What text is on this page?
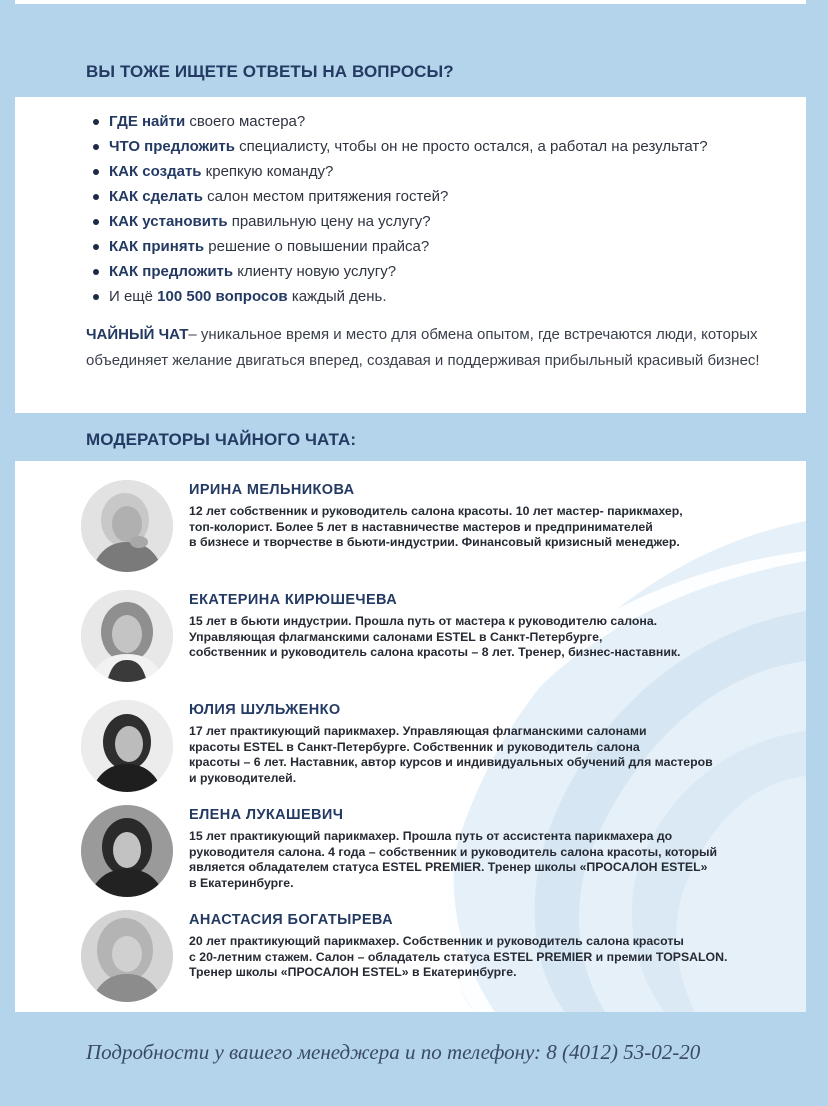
ВЫ ТОЖЕ ИЩЕТЕ ОТВЕТЫ НА ВОПРОСЫ?
ГДЕ найти своего мастера?
ЧТО предложить специалисту, чтобы он не просто остался, а работал на результат?
КАК создать крепкую команду?
КАК сделать салон местом притяжения гостей?
КАК установить правильную цену на услугу?
КАК принять решение о повышении прайса?
КАК предложить клиенту новую услугу?
И ещё 100 500 вопросов каждый день.

ЧАЙНЫЙ ЧАТ– уникальное время и место для обмена опытом, где встречаются люди, которых объединяет желание двигаться вперед, создавая и поддерживая прибыльный красивый бизнес!

МОДЕРАТОРЫ ЧАЙНОГО ЧАТА:
ИРИНА МЕЛЬНИКОВА
12 лет собственник и руководитель салона красоты. 10 лет мастер- парикмахер,
топ-колорист. Более 5 лет в наставничестве мастеров и предпринимателей
в бизнесе и творчестве в бьюти-индустрии. Финансовый кризисный менеджер.
ЕКАТЕРИНА КИРЮШЕЧЕВА
15 лет в бьюти индустрии. Прошла путь от мастера к руководителю салона.
Управляющая флагманскими салонами ESTEL в Санкт-Петербурге,
собственник и руководитель салона красоты – 8 лет. Тренер, бизнес-наставник.
ЮЛИЯ ШУЛЬЖЕНКО
17 лет практикующий парикмахер. Управляющая флагманскими салонами
красоты ESTEL в Санкт-Петербурге. Собственник и руководитель салона
красоты – 6 лет. Наставник, автор курсов и индивидуальных обучений для мастеров
и руководителей.
ЕЛЕНА ЛУКАШЕВИЧ
15 лет практикующий парикмахер. Прошла путь от ассистента парикмахера до
руководителя салона. 4 года – собственник и руководитель салона красоты, который
является обладателем статуса ESTEL PREMIER. Тренер школы «ПРОСАЛОН ESTEL»
в Екатеринбурге.
АНАСТАСИЯ БОГАТЫРЕВА
20 лет практикующий парикмахер. Собственник и руководитель салона красоты
с 20-летним стажем. Салон – обладатель статуса ESTEL PREMIER и премии TOPSALON.
Тренер школы «ПРОСАЛОН ESTEL» в Екатеринбурге.
Подробности у вашего менеджера и по телефону: 8 (4012) 53-02-20
